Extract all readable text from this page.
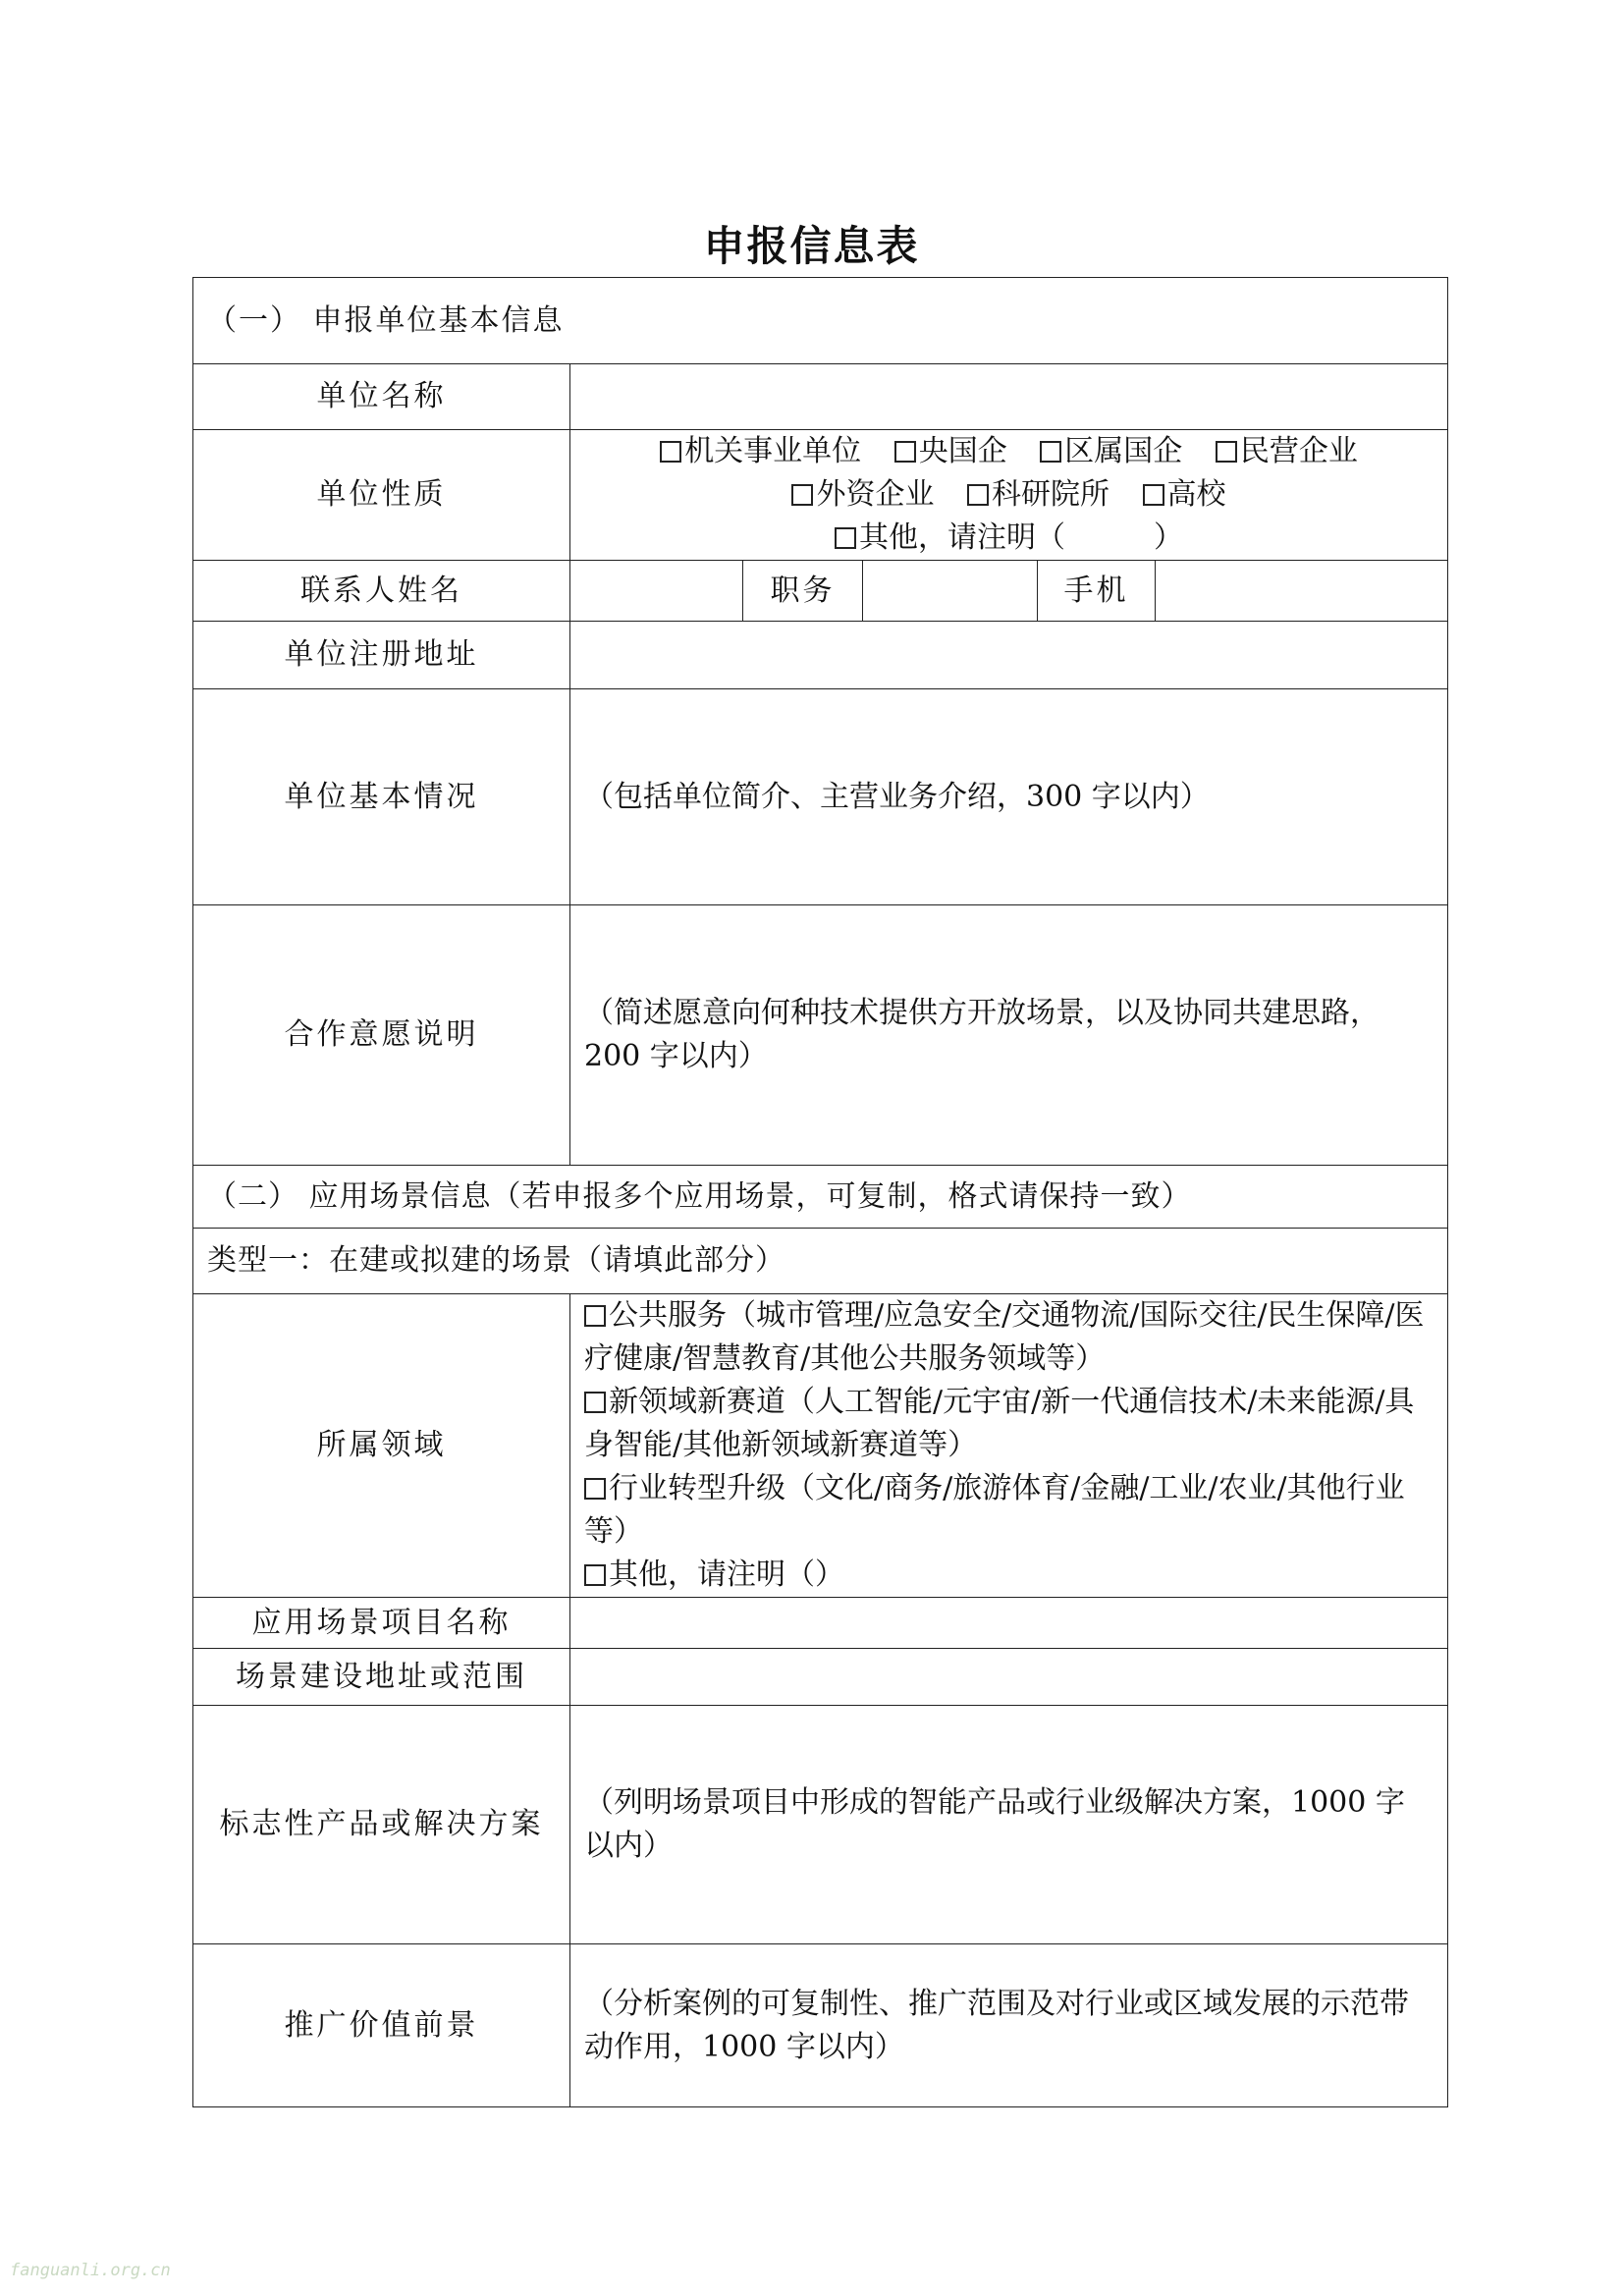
申报信息表
（一） 申报单位基本信息					
单位名称					
单位性质	机关事业单位 央国企 区属国企 民营企业
外资企业 科研院所 高校
其他，请注明（　　　）				

联系人姓名		职务		手机	
单位注册地址					
单位基本情况	（包括单位简介、主营业务介绍，300 字以内）				
合作意愿说明	（简述愿意向何种技术提供方开放场景，以及协同共建思路，200 字以内）				
（二） 应用场景信息（若申报多个应用场景，可复制，格式请保持一致）					
类型一：在建或拟建的场景（请填此部分）					
所属领域	公共服务（城市管理/应急安全/交通物流/国际交往/民生保障/医疗健康/智慧教育/其他公共服务领域等）
新领域新赛道（人工智能/元宇宙/新一代通信技术/未来能源/具身智能/其他新领域新赛道等）
行业转型升级（文化/商务/旅游体育/金融/工业/农业/其他行业等）
其他，请注明（）				

应用场景项目名称					
场景建设地址或范围					
标志性产品或解决方案	（列明场景项目中形成的智能产品或行业级解决方案，1000 字以内）				
推广价值前景	（分析案例的可复制性、推广范围及对行业或区域发展的示范带动作用，1000 字以内）				
fanguanli.org.cn
